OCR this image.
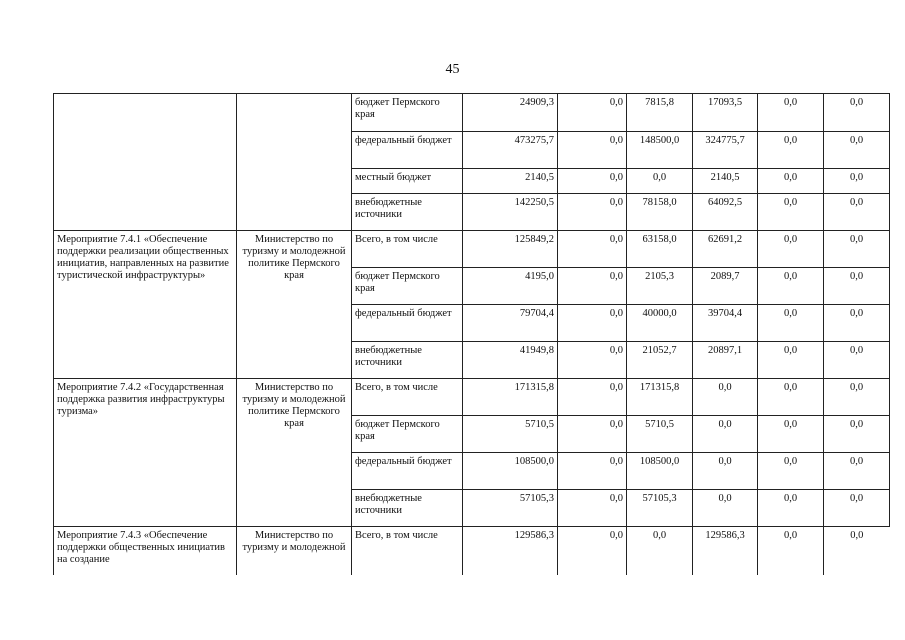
45
		бюджет Пермского края	24909,3	0,0	7815,8	17093,5	0,0	0,0
		федеральный бюджет	473275,7	0,0	148500,0	324775,7	0,0	0,0
		местный бюджет	2140,5	0,0	0,0	2140,5	0,0	0,0
		внебюджетные источники	142250,5	0,0	78158,0	64092,5	0,0	0,0
Мероприятие 7.4.1 «Обеспечение поддержки реализации общественных инициатив, направленных на развитие туристической инфраструктуры»	Министерство по туризму и молодежной политике Пермского края	Всего, в том числе	125849,2	0,0	63158,0	62691,2	0,0	0,0
		бюджет Пермского края	4195,0	0,0	2105,3	2089,7	0,0	0,0
		федеральный бюджет	79704,4	0,0	40000,0	39704,4	0,0	0,0
		внебюджетные источники	41949,8	0,0	21052,7	20897,1	0,0	0,0
Мероприятие 7.4.2 «Государственная поддержка развития инфраструктуры туризма»	Министерство по туризму и молодежной политике Пермского края	Всего, в том числе	171315,8	0,0	171315,8	0,0	0,0	0,0
		бюджет Пермского края	5710,5	0,0	5710,5	0,0	0,0	0,0
		федеральный бюджет	108500,0	0,0	108500,0	0,0	0,0	0,0
		внебюджетные источники	57105,3	0,0	57105,3	0,0	0,0	0,0
Мероприятие 7.4.3 «Обеспечение поддержки общественных инициатив на создание	Министерство по туризму и молодежной	Всего, в том числе	129586,3	0,0	0,0	129586,3	0,0	0,0
